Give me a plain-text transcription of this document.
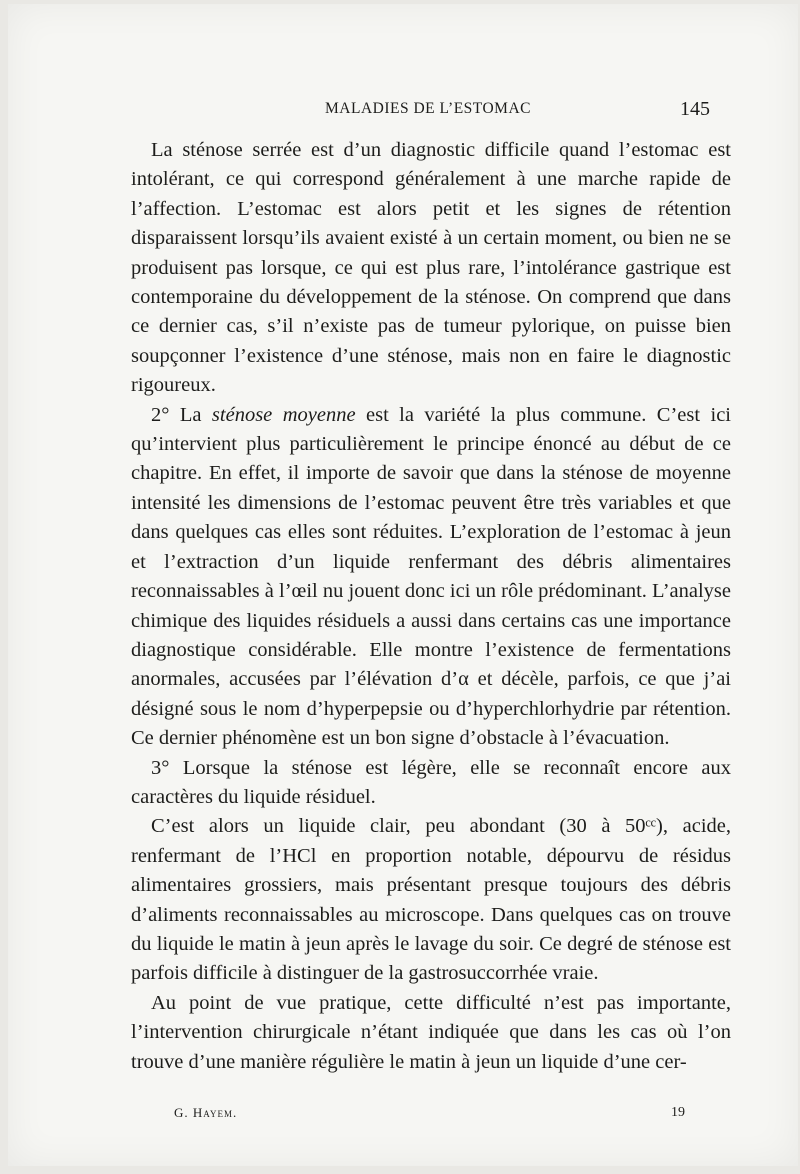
MALADIES DE L’ESTOMAC	145

La sténose serrée est d’un diagnostic difficile quand l’estomac est intolérant, ce qui correspond généralement à une marche rapide de l’affection. L’estomac est alors petit et les signes de rétention disparaissent lorsqu’ils avaient existé à un certain moment, ou bien ne se produisent pas lorsque, ce qui est plus rare, l’intolérance gastrique est contemporaine du développement de la sténose. On comprend que dans ce dernier cas, s’il n’existe pas de tumeur pylorique, on puisse bien soupçonner l’existence d’une sténose, mais non en faire le diagnostic rigoureux.

2° La sténose moyenne est la variété la plus commune. C’est ici qu’intervient plus particulièrement le principe énoncé au début de ce chapitre. En effet, il importe de savoir que dans la sténose de moyenne intensité les dimensions de l’estomac peuvent être très variables et que dans quelques cas elles sont réduites. L’exploration de l’estomac à jeun et l’extraction d’un liquide renfermant des débris alimentaires reconnaissables à l’œil nu jouent donc ici un rôle prédominant. L’analyse chimique des liquides résiduels a aussi dans certains cas une importance diagnostique considérable. Elle montre l’existence de fermentations anormales, accusées par l’élévation d’α et décèle, parfois, ce que j’ai désigné sous le nom d’hyperpepsie ou d’hyperchlorhydrie par rétention. Ce dernier phénomène est un bon signe d’obstacle à l’évacuation.

3° Lorsque la sténose est légère, elle se reconnaît encore aux caractères du liquide résiduel.

C’est alors un liquide clair, peu abondant (30 à 50ᶜᶜ), acide, renfermant de l’HCl en proportion notable, dépourvu de résidus alimentaires grossiers, mais présentant presque toujours des débris d’aliments reconnaissables au microscope. Dans quelques cas on trouve du liquide le matin à jeun après le lavage du soir. Ce degré de sténose est parfois difficile à distinguer de la gastrosuccorrhée vraie.

Au point de vue pratique, cette difficulté n’est pas importante, l’intervention chirurgicale n’étant indiquée que dans les cas où l’on trouve d’une manière régulière le matin à jeun un liquide d’une cer-

G. Hayem.	19
